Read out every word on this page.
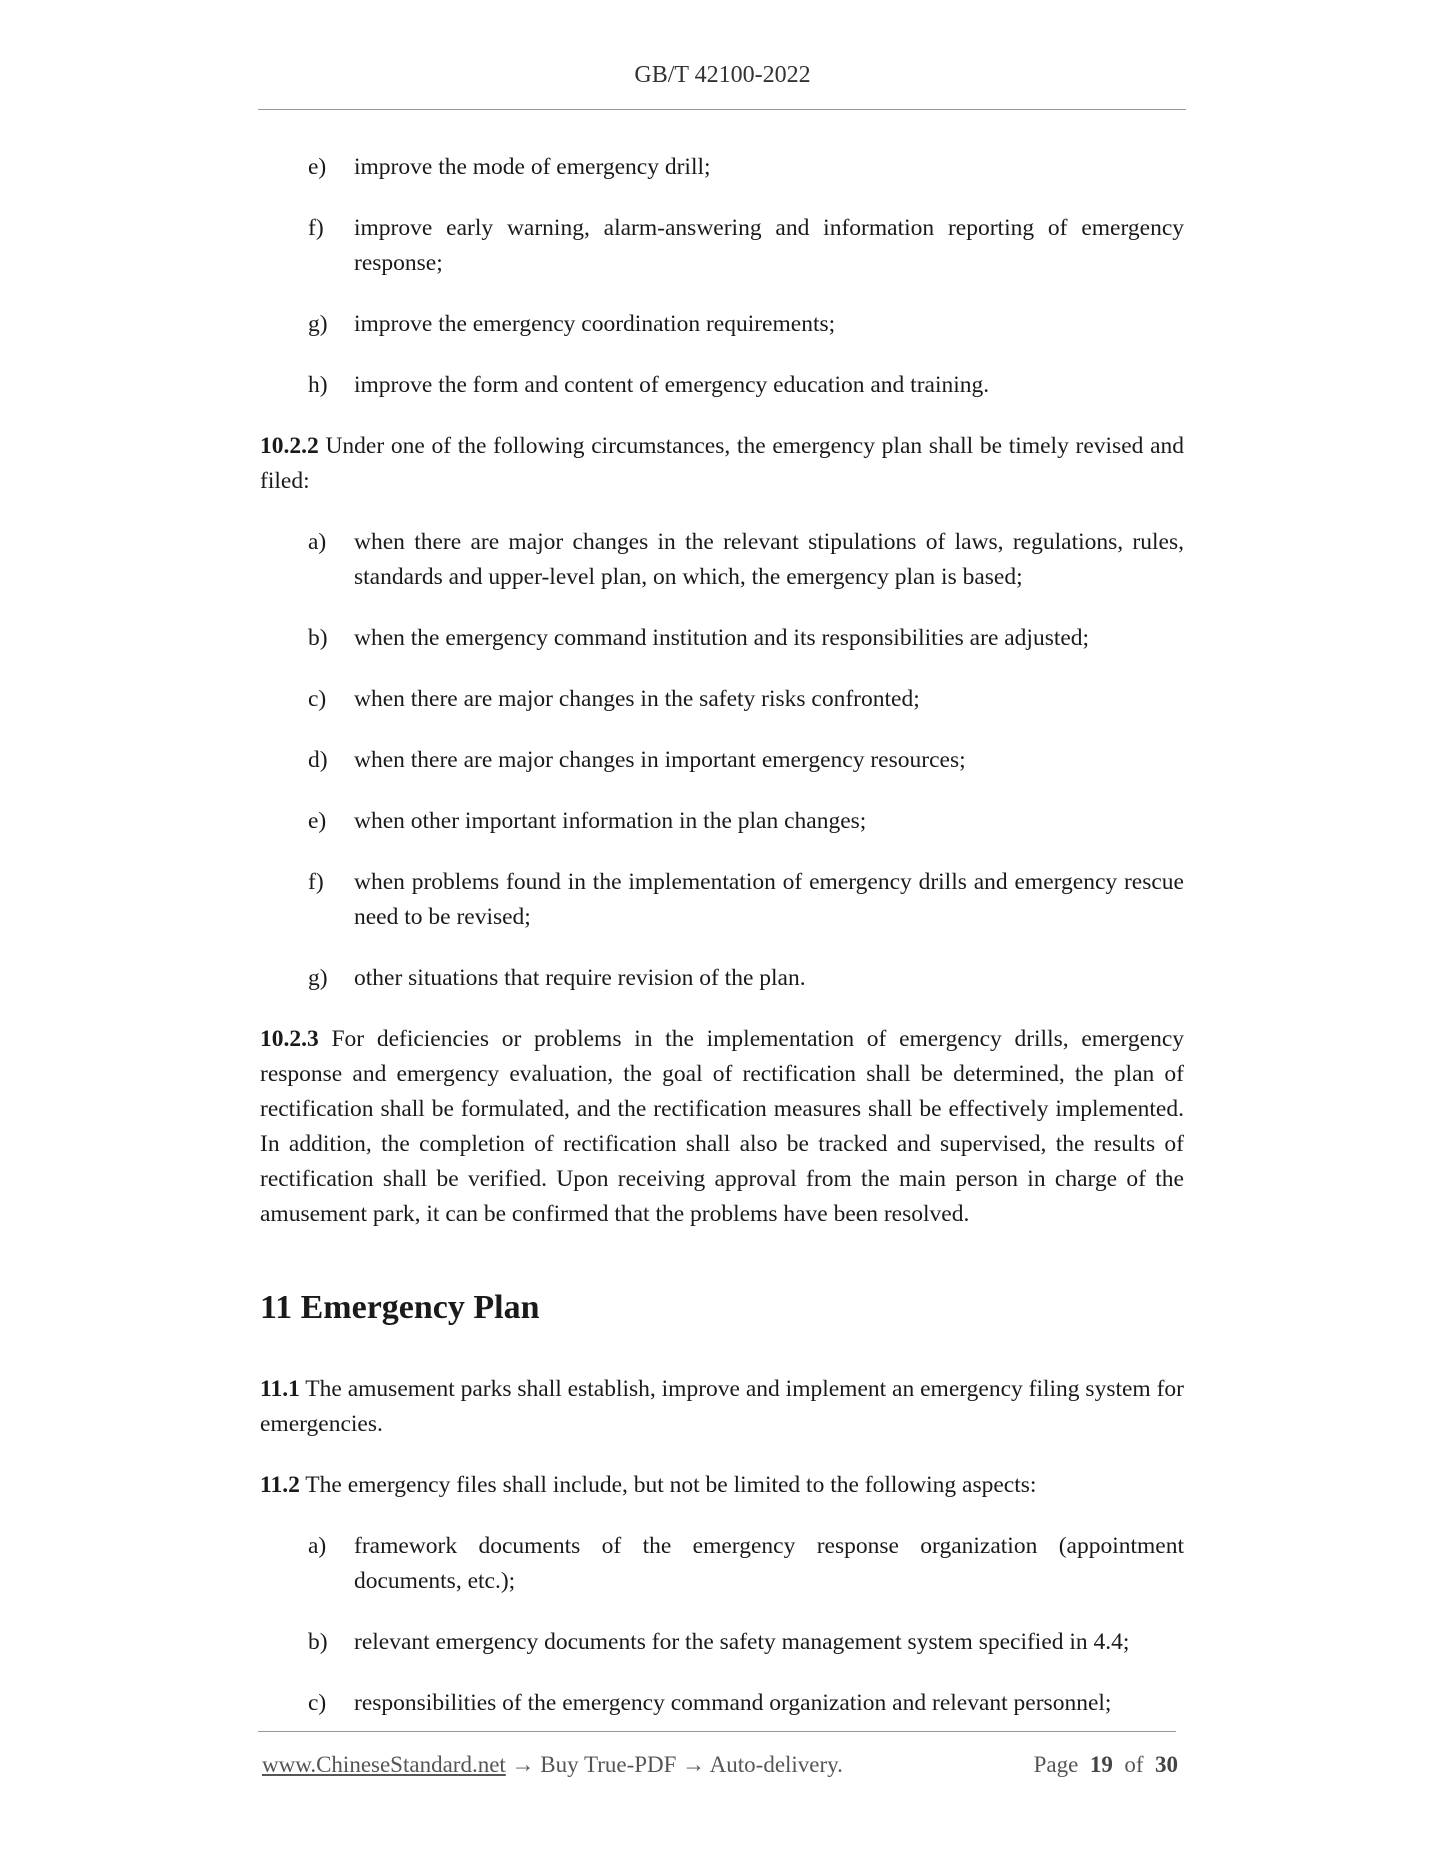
GB/T 42100-2022
e)	improve the mode of emergency drill;
f)	improve early warning, alarm-answering and information reporting of emergency response;
g)	improve the emergency coordination requirements;
h)	improve the form and content of emergency education and training.

10.2.2 Under one of the following circumstances, the emergency plan shall be timely revised and filed:

a)	when there are major changes in the relevant stipulations of laws, regulations, rules, standards and upper-level plan, on which, the emergency plan is based;
b)	when the emergency command institution and its responsibilities are adjusted;
c)	when there are major changes in the safety risks confronted;
d)	when there are major changes in important emergency resources;
e)	when other important information in the plan changes;
f)	when problems found in the implementation of emergency drills and emergency rescue need to be revised;
g)	other situations that require revision of the plan.

10.2.3 For deficiencies or problems in the implementation of emergency drills, emergency response and emergency evaluation, the goal of rectification shall be determined, the plan of rectification shall be formulated, and the rectification measures shall be effectively implemented. In addition, the completion of rectification shall also be tracked and supervised, the results of rectification shall be verified. Upon receiving approval from the main person in charge of the amusement park, it can be confirmed that the problems have been resolved.

11 Emergency Plan

11.1 The amusement parks shall establish, improve and implement an emergency filing system for emergencies.

11.2 The emergency files shall include, but not be limited to the following aspects:

a)	framework documents of the emergency response organization (appointment documents, etc.);
b)	relevant emergency documents for the safety management system specified in 4.4;
c)	responsibilities of the emergency command organization and relevant personnel;
www.ChineseStandard.net → Buy True-PDF → Auto-delivery.	Page 19 of 30
